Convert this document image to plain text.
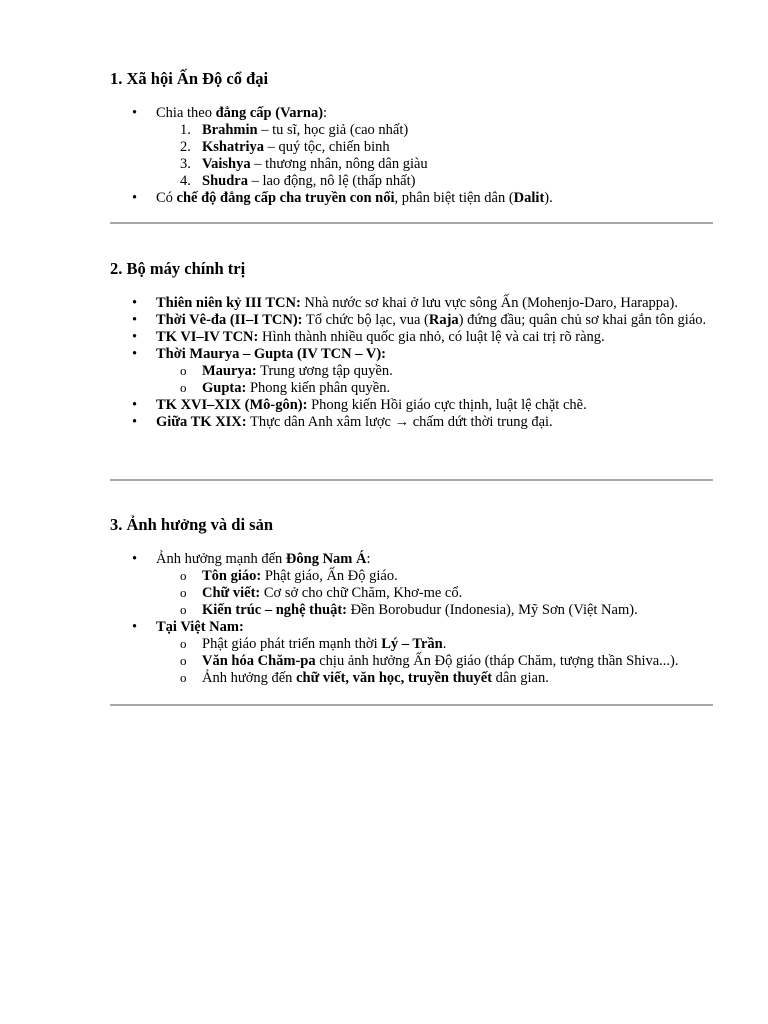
1. Xã hội Ấn Độ cổ đại
• Chia theo đẳng cấp (Varna):
1. Brahmin – tu sĩ, học giả (cao nhất)
2. Kshatriya – quý tộc, chiến binh
3. Vaishya – thương nhân, nông dân giàu
4. Shudra – lao động, nô lệ (thấp nhất)
• Có chế độ đẳng cấp cha truyền con nối, phân biệt tiện dân (Dalit).
2. Bộ máy chính trị
• Thiên niên kỷ III TCN: Nhà nước sơ khai ở lưu vực sông Ấn (Mohenjo-Daro, Harappa).
• Thời Vê-đa (II–I TCN): Tổ chức bộ lạc, vua (Raja) đứng đầu; quân chủ sơ khai gắn tôn giáo.
• TK VI–IV TCN: Hình thành nhiều quốc gia nhỏ, có luật lệ và cai trị rõ ràng.
• Thời Maurya – Gupta (IV TCN – V):
o Maurya: Trung ương tập quyền.
o Gupta: Phong kiến phân quyền.
• TK XVI–XIX (Mô-gôn): Phong kiến Hồi giáo cực thịnh, luật lệ chặt chẽ.
• Giữa TK XIX: Thực dân Anh xâm lược → chấm dứt thời trung đại.
3. Ảnh hưởng và di sản
• Ảnh hưởng mạnh đến Đông Nam Á:
o Tôn giáo: Phật giáo, Ấn Độ giáo.
o Chữ viết: Cơ sở cho chữ Chăm, Khơ-me cổ.
o Kiến trúc – nghệ thuật: Đền Borobudur (Indonesia), Mỹ Sơn (Việt Nam).
• Tại Việt Nam:
o Phật giáo phát triển mạnh thời Lý – Trần.
o Văn hóa Chăm-pa chịu ảnh hưởng Ấn Độ giáo (tháp Chăm, tượng thần Shiva...).
o Ảnh hưởng đến chữ viết, văn học, truyền thuyết dân gian.
